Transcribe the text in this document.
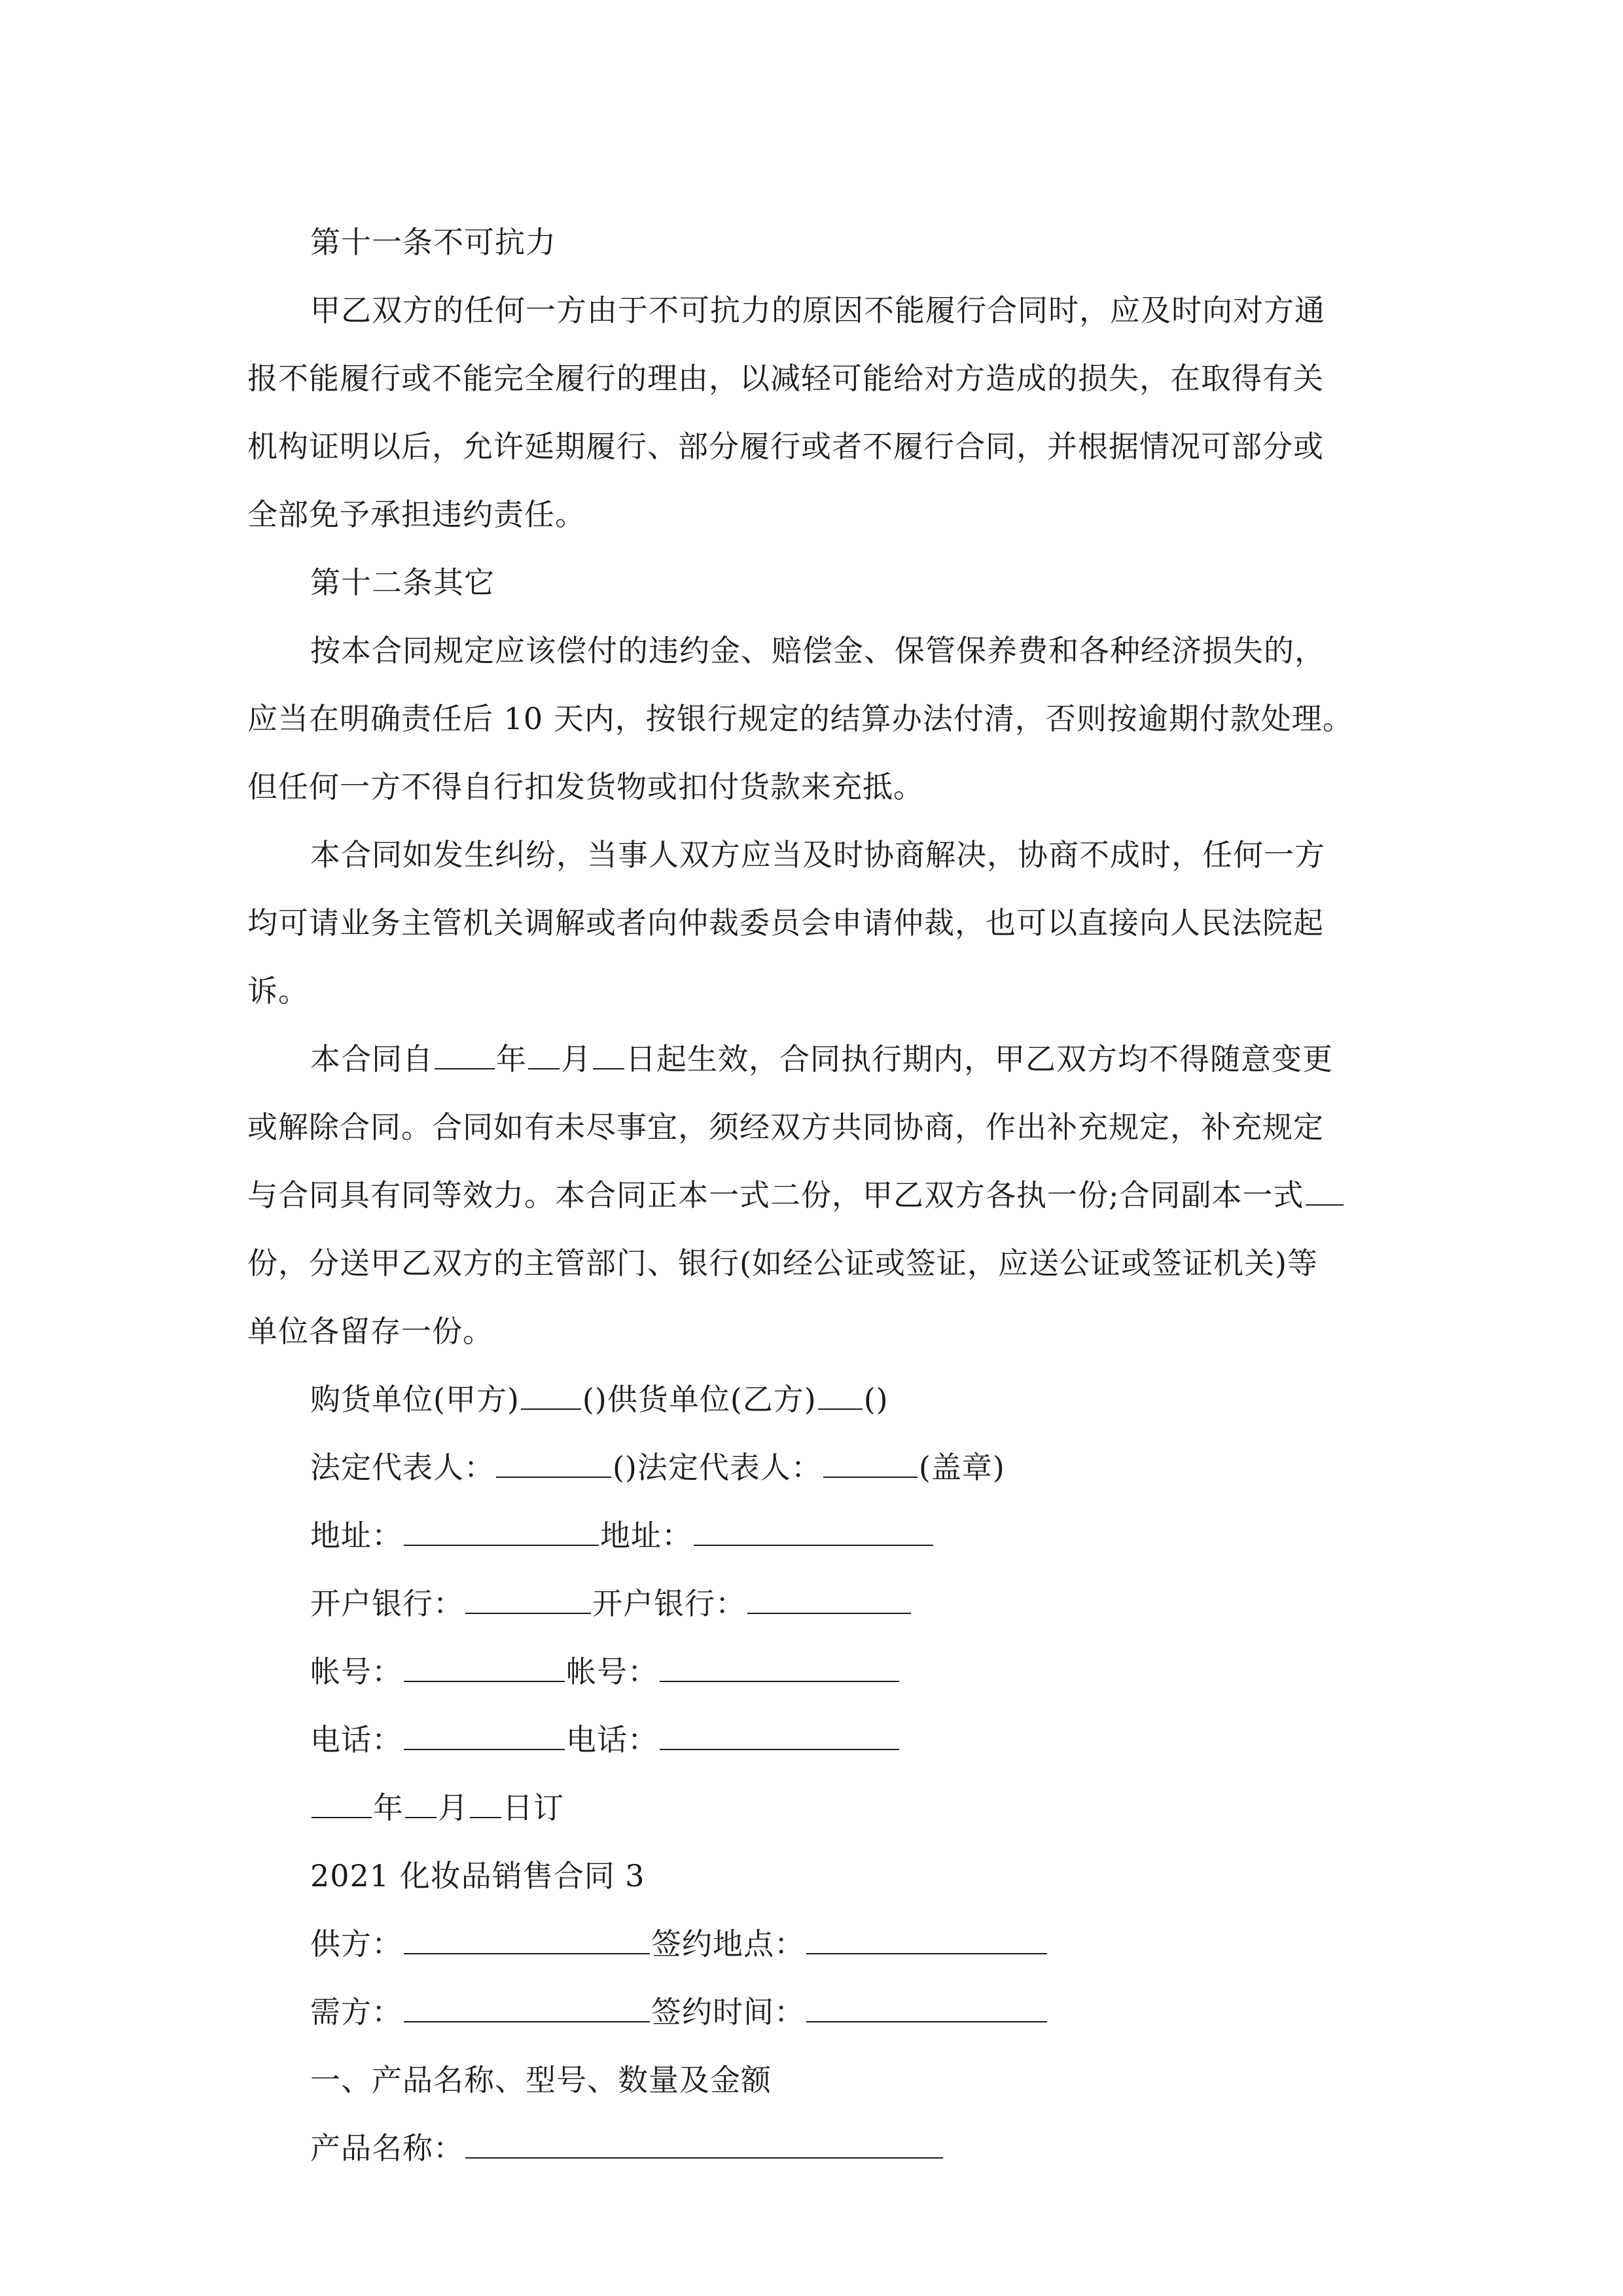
第十一条不可抗力
甲乙双方的任何一方由于不可抗力的原因不能履行合同时，应及时向对方通
报不能履行或不能完全履行的理由，以减轻可能给对方造成的损失，在取得有关
机构证明以后，允许延期履行、部分履行或者不履行合同，并根据情况可部分或
全部免予承担违约责任。
第十二条其它
按本合同规定应该偿付的违约金、赔偿金、保管保养费和各种经济损失的，
应当在明确责任后 10 天内，按银行规定的结算办法付清，否则按逾期付款处理。
但任何一方不得自行扣发货物或扣付货款来充抵。
本合同如发生纠纷，当事人双方应当及时协商解决，协商不成时，任何一方
均可请业务主管机关调解或者向仲裁委员会申请仲裁，也可以直接向人民法院起
诉。
本合同自 年 月 日起生效，合同执行期内，甲乙双方均不得随意变更
或解除合同。合同如有未尽事宜，须经双方共同协商，作出补充规定，补充规定
与合同具有同等效力。本合同正本一式二份，甲乙双方各执一份;合同副本一式
份，分送甲乙双方的主管部门、银行(如经公证或签证，应送公证或签证机关)等
单位各留存一份。
购货单位(甲方) ()供货单位(乙方) ()
法定代表人：	()法定代表人：	(盖章)
地址：	地址：
开户银行：	开户银行：
帐号：	帐号：
电话：	电话：
年 月 日订
2021 化妆品销售合同 3
供方：	签约地点：
需方：	签约时间：
一、产品名称、型号、数量及金额
产品名称：
